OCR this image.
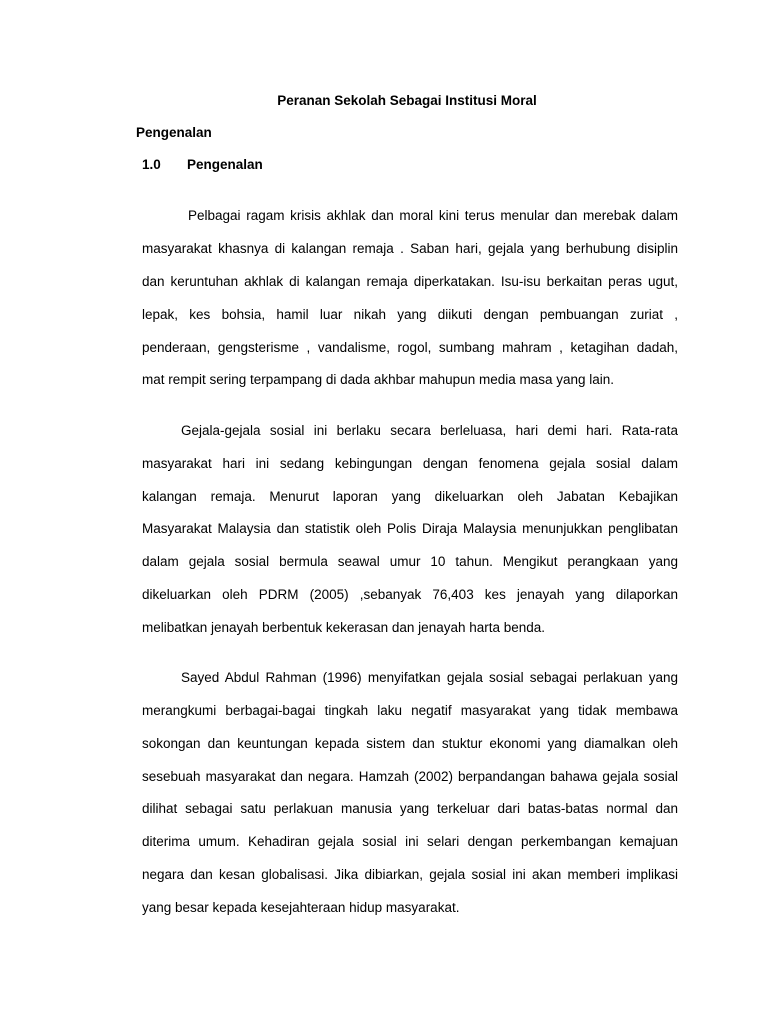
Peranan Sekolah Sebagai Institusi Moral
Pengenalan
1.0 Pengenalan
Pelbagai ragam krisis akhlak dan moral kini terus menular dan merebak dalam
masyarakat khasnya di kalangan remaja . Saban hari, gejala yang berhubung disiplin
dan keruntuhan akhlak di kalangan remaja diperkatakan. Isu-isu berkaitan peras ugut,
lepak, kes bohsia, hamil luar nikah yang diikuti dengan pembuangan zuriat ,
penderaan, gengsterisme , vandalisme, rogol, sumbang mahram , ketagihan dadah,
mat rempit sering terpampang di dada akhbar mahupun media masa yang lain.
Gejala-gejala sosial ini berlaku secara berleluasa, hari demi hari. Rata-rata
masyarakat hari ini sedang kebingungan dengan fenomena gejala sosial dalam
kalangan remaja. Menurut laporan yang dikeluarkan oleh Jabatan Kebajikan
Masyarakat Malaysia dan statistik oleh Polis Diraja Malaysia menunjukkan penglibatan
dalam gejala sosial bermula seawal umur 10 tahun. Mengikut perangkaan yang
dikeluarkan oleh PDRM (2005) ,sebanyak 76,403 kes jenayah yang dilaporkan
melibatkan jenayah berbentuk kekerasan dan jenayah harta benda.
Sayed Abdul Rahman (1996) menyifatkan gejala sosial sebagai perlakuan yang
merangkumi berbagai-bagai tingkah laku negatif masyarakat yang tidak membawa
sokongan dan keuntungan kepada sistem dan stuktur ekonomi yang diamalkan oleh
sesebuah masyarakat dan negara. Hamzah (2002) berpandangan bahawa gejala sosial
dilihat sebagai satu perlakuan manusia yang terkeluar dari batas-batas normal dan
diterima umum. Kehadiran gejala sosial ini selari dengan perkembangan kemajuan
negara dan kesan globalisasi. Jika dibiarkan, gejala sosial ini akan memberi implikasi
yang besar kepada kesejahteraan hidup masyarakat.
